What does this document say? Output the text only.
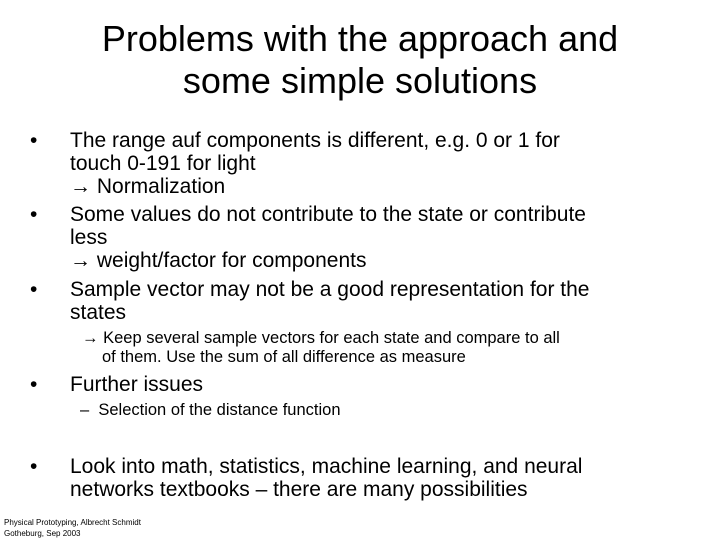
Problems with the approach and
some simple solutions
• The range auf components is different, e.g. 0 or 1 for
touch 0-191 for light
→ Normalization
• Some values do not contribute to the state or contribute
less
→ weight/factor for components
• Sample vector may not be a good representation for the
states
→ Keep several sample vectors for each state and compare to all
of them. Use the sum of all difference as measure
• Further issues
– Selection of the distance function
• Look into math, statistics, machine learning, and neural
networks textbooks – there are many possibilities
Physical Prototyping, Albrecht Schmidt
Gotheburg, Sep 2003
